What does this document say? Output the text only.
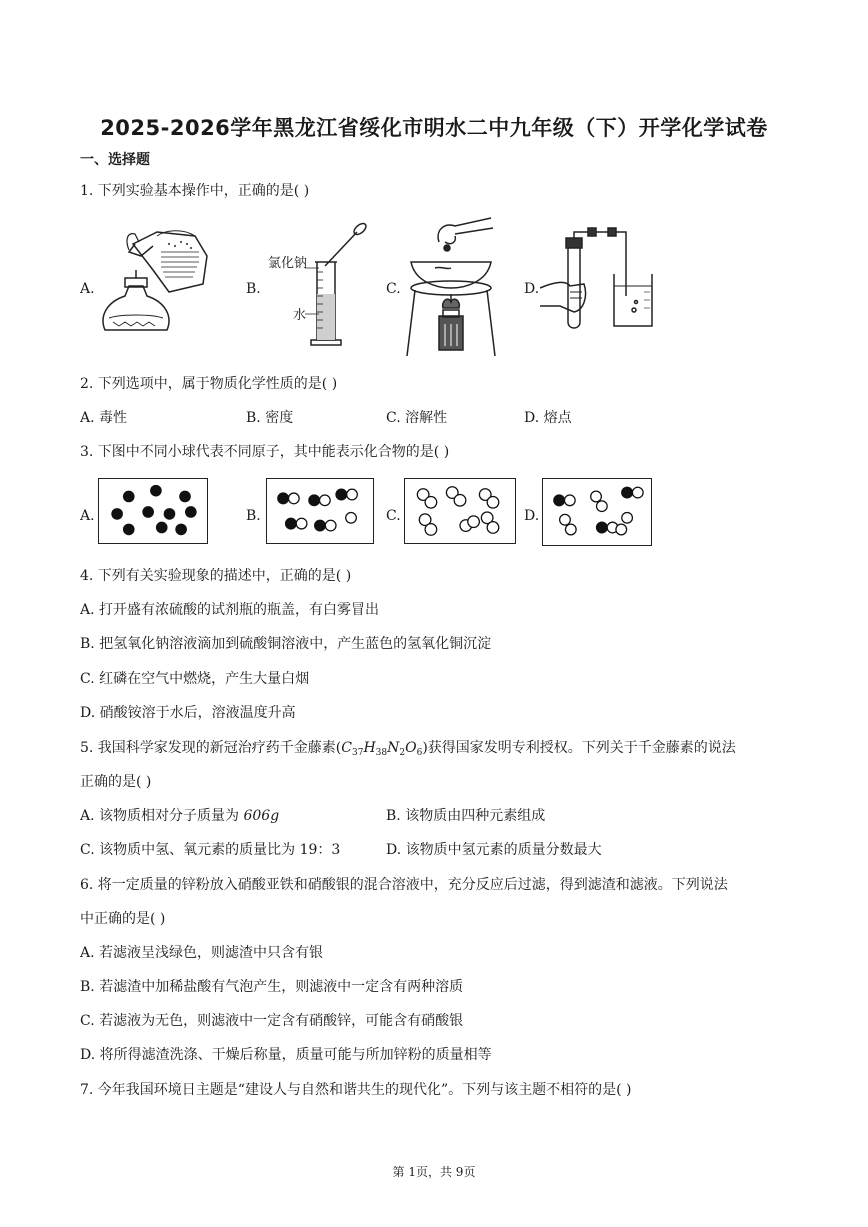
2025-2026学年黑龙江省绥化市明水二中九年级（下）开学化学试卷
一、选择题
1. 下列实验基本操作中，正确的是( )
A.	B.
氯化钠
水
C.	D.
2. 下列选项中，属于物质化学性质的是( )
A. 毒性	B. 密度	C. 溶解性	D. 熔点
3. 下图中不同小球代表不同原子，其中能表示化合物的是( )
A.	B.	C.	D.
4. 下列有关实验现象的描述中，正确的是( )
A. 打开盛有浓硫酸的试剂瓶的瓶盖，有白雾冒出
B. 把氢氧化钠溶液滴加到硫酸铜溶液中，产生蓝色的氢氧化铜沉淀
C. 红磷在空气中燃烧，产生大量白烟
D. 硝酸铵溶于水后，溶液温度升高
5. 我国科学家发现的新冠治疗药千金藤素$(C_{37}H_{38}N_2O_6)$获得国家发明专利授权。下列关于千金藤素的说法
正确的是( )
A. 该物质相对分子质量为 606g	B. 该物质由四种元素组成
C. 该物质中氢、氧元素的质量比为 19：3	D. 该物质中氢元素的质量分数最大
6. 将一定质量的锌粉放入硝酸亚铁和硝酸银的混合溶液中，充分反应后过滤，得到滤渣和滤液。下列说法
中正确的是( )
A. 若滤液呈浅绿色，则滤渣中只含有银
B. 若滤渣中加稀盐酸有气泡产生，则滤液中一定含有两种溶质
C. 若滤液为无色，则滤液中一定含有硝酸锌，可能含有硝酸银
D. 将所得滤渣洗涤、干燥后称量，质量可能与所加锌粉的质量相等
7. 今年我国环境日主题是“建设人与自然和谐共生的现代化”。下列与该主题不相符的是( )
第 1页，共 9页
